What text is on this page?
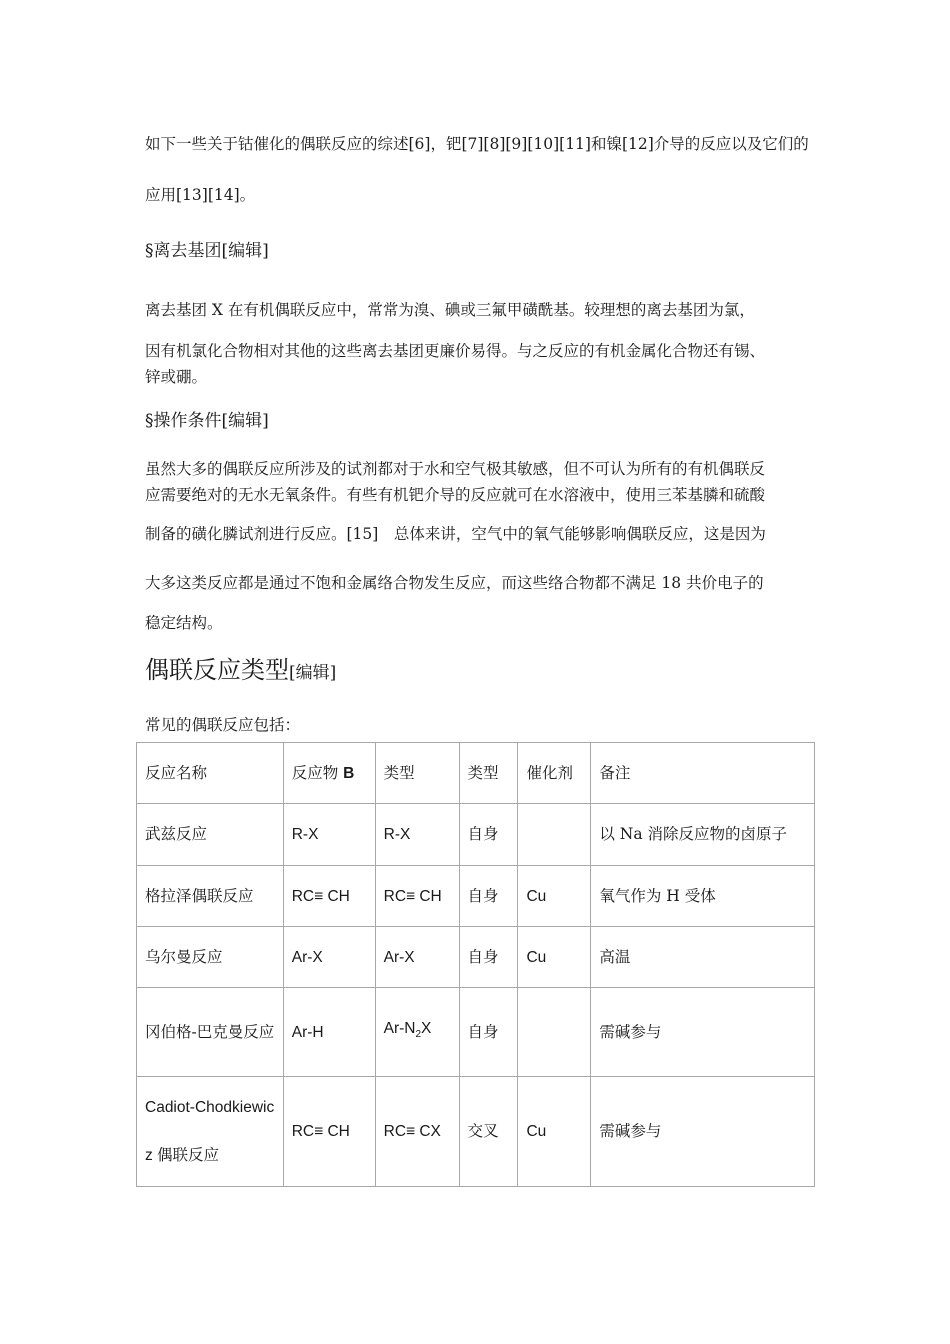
如下一些关于钴催化的偶联反应的综述[6]，钯[7][8][9][10][11]和镍[12]介导的反应以及它们的
应用[13][14]。
§离去基团[编辑]
离去基团 X 在有机偶联反应中，常常为溴、碘或三氟甲磺酰基。较理想的离去基团为氯，
因有机氯化合物相对其他的这些离去基团更廉价易得。与之反应的有机金属化合物还有锡、
锌或硼。
§操作条件[编辑]
虽然大多的偶联反应所涉及的试剂都对于水和空气极其敏感，但不可认为所有的有机偶联反
应需要绝对的无水无氧条件。有些有机钯介导的反应就可在水溶液中，使用三苯基膦和硫酸
制备的磺化膦试剂进行反应。[15]　总体来讲，空气中的氧气能够影响偶联反应，这是因为
大多这类反应都是通过不饱和金属络合物发生反应，而这些络合物都不满足 18 共价电子的
稳定结构。
偶联反应类型[编辑]
常见的偶联反应包括：
反应名称	反应物 B	类型	类型	催化剂	备注
武兹反应	R-X	R-X	自身		以 Na 消除反应物的卤原子
格拉泽偶联反应	RC≡ CH	RC≡ CH	自身	Cu	氧气作为 H 受体
乌尔曼反应	Ar-X	Ar-X	自身	Cu	高温
冈伯格-巴克曼反应	Ar-H	$Ar-N_2X$	自身		需碱参与
Cadiot-Chodkiewicz 偶联反应	RC≡ CH	RC≡ CX	交叉	Cu	需碱参与
